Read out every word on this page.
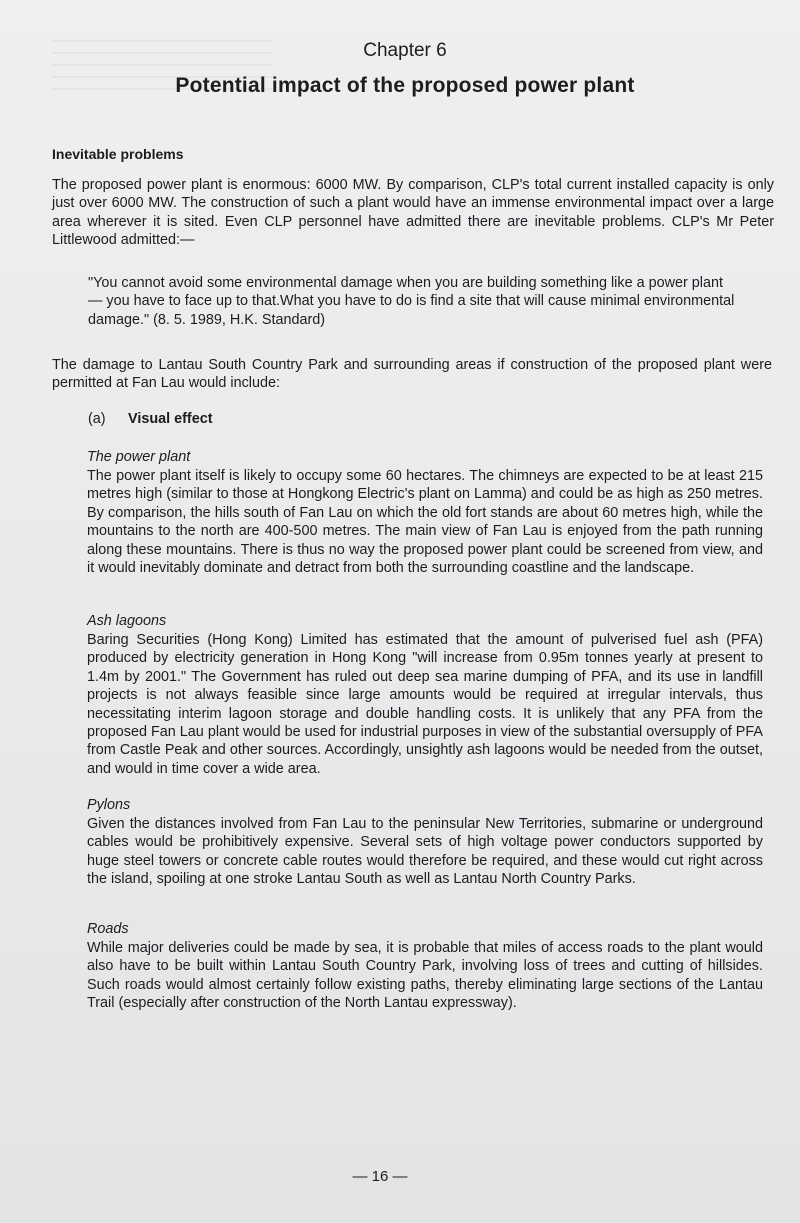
Chapter 6
Potential impact of the proposed power plant
Inevitable problems

The proposed power plant is enormous: 6000 MW. By comparison, CLP's total current installed capacity is only just over 6000 MW. The construction of such a plant would have an immense environmental impact over a large area wherever it is sited. Even CLP personnel have admitted there are inevitable problems. CLP's Mr Peter Littlewood admitted:—

"You cannot avoid some environmental damage when you are building something like a power plant — you have to face up to that.What you have to do is find a site that will cause minimal environmental damage." (8. 5. 1989, H.K. Standard)

The damage to Lantau South Country Park and surrounding areas if construction of the proposed plant were permitted at Fan Lau would include:

(a) Visual effect

The power plant

The power plant itself is likely to occupy some 60 hectares. The chimneys are expected to be at least 215 metres high (similar to those at Hongkong Electric's plant on Lamma) and could be as high as 250 metres. By comparison, the hills south of Fan Lau on which the old fort stands are about 60 metres high, while the mountains to the north are 400-500 metres. The main view of Fan Lau is enjoyed from the path running along these mountains. There is thus no way the proposed power plant could be screened from view, and it would inevitably dominate and detract from both the surrounding coastline and the landscape.

Ash lagoons

Baring Securities (Hong Kong) Limited has estimated that the amount of pulverised fuel ash (PFA) produced by electricity generation in Hong Kong "will increase from 0.95m tonnes yearly at present to 1.4m by 2001." The Government has ruled out deep sea marine dumping of PFA, and its use in landfill projects is not always feasible since large amounts would be required at irregular intervals, thus necessitating interim lagoon storage and double handling costs. It is unlikely that any PFA from the proposed Fan Lau plant would be used for industrial purposes in view of the substantial oversupply of PFA from Castle Peak and other sources. Accordingly, unsightly ash lagoons would be needed from the outset, and would in time cover a wide area.

Pylons

Given the distances involved from Fan Lau to the peninsular New Territories, submarine or underground cables would be prohibitively expensive. Several sets of high voltage power conductors supported by huge steel towers or concrete cable routes would therefore be required, and these would cut right across the island, spoiling at one stroke Lantau South as well as Lantau North Country Parks.

Roads

While major deliveries could be made by sea, it is probable that miles of access roads to the plant would also have to be built within Lantau South Country Park, involving loss of trees and cutting of hillsides. Such roads would almost certainly follow existing paths, thereby eliminating large sections of the Lantau Trail (especially after construction of the North Lantau expressway).

— 16 —
